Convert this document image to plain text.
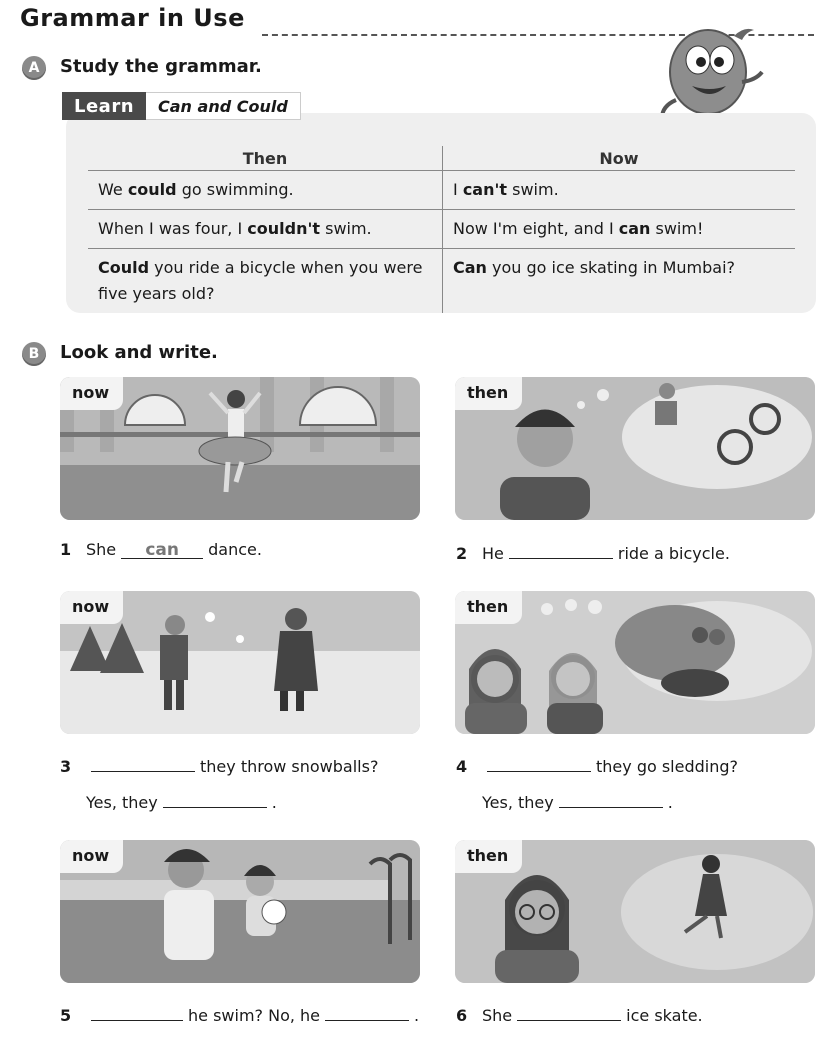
Grammar in Use
A	Study the grammar.
Learn	Can and Could
Then	Now
We could go swimming.	I can't swim.
When I was four, I couldn't swim.	Now I'm eight, and I can swim!
Could you ride a bicycle when you were five years old?	Can you go ice skating in Mumbai?
B	Look and write.
now	then
1 She	can	dance.	2 He	ride a bicycle.
now	then
3	they throw snowballs?
Yes, they	.
4	they go sledding?
Yes, they	.
now	then
5	he swim? No, he	. 6 She	ice skate.
